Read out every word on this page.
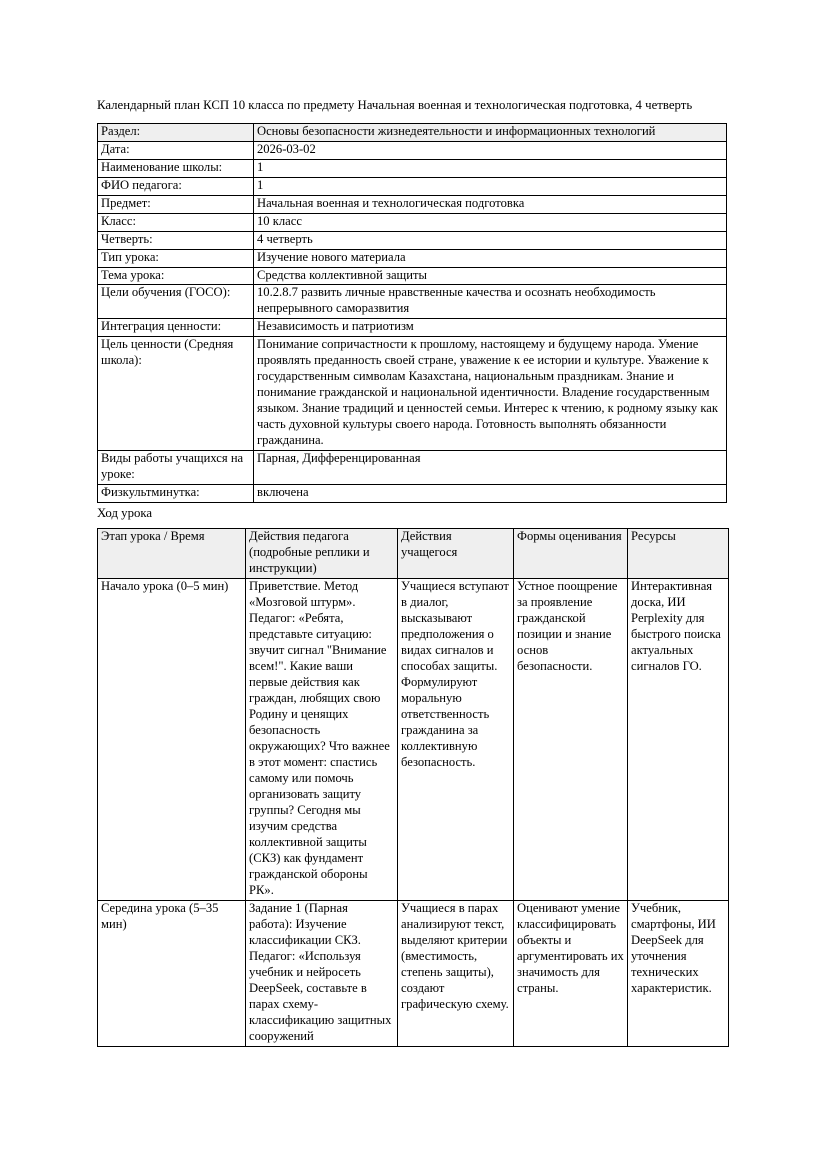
Календарный план КСП 10 класса по предмету Начальная военная и технологическая подготовка, 4 четверть

Раздел:	Основы безопасности жизнедеятельности и информационных технологий
Дата:	2026-03-02
Наименование школы:	1
ФИО педагога:	1
Предмет:	Начальная военная и технологическая подготовка
Класс:	10 класс
Четверть:	4 четверть
Тип урока:	Изучение нового материала
Тема урока:	Средства коллективной защиты
Цели обучения (ГОСО):	10.2.8.7 развить личные нравственные качества и осознать необходимость непрерывного саморазвития
Интеграция ценности:	Независимость и патриотизм
Цель ценности (Средняя школа):	Понимание сопричастности к прошлому, настоящему и будущему народа. Умение проявлять преданность своей стране, уважение к ее истории и культуре. Уважение к государственным символам Казахстана, национальным праздникам. Знание и понимание гражданской и национальной идентичности. Владение государственным языком. Знание традиций и ценностей семьи. Интерес к чтению, к родному языку как часть духовной культуры своего народа. Готовность выполнять обязанности гражданина.
Виды работы учащихся на уроке:	Парная, Дифференцированная
Физкультминутка:	включена

Ход урока

Этап урока / Время	Действия педагога (подробные реплики и инструкции)	Действия учащегося	Формы оценивания	Ресурсы
Начало урока (0–5 мин)	Приветствие. Метод «Мозговой штурм». Педагог: «Ребята, представьте ситуацию: звучит сигнал "Внимание всем!". Какие ваши первые действия как граждан, любящих свою Родину и ценящих безопасность окружающих? Что важнее в этот момент: спастись самому или помочь организовать защиту группы? Сегодня мы изучим средства коллективной защиты (СКЗ) как фундамент гражданской обороны РК».	Учащиеся вступают в диалог, высказывают предположения о видах сигналов и способах защиты. Формулируют моральную ответственность гражданина за коллективную безопасность.	Устное поощрение за проявление гражданской позиции и знание основ безопасности.	Интерактивная доска, ИИ Perplexity для быстрого поиска актуальных сигналов ГО.
Середина урока (5–35 мин)	Задание 1 (Парная работа): Изучение классификации СКЗ. Педагог: «Используя учебник и нейросеть DeepSeek, составьте в парах схему-классификацию защитных сооружений	Учащиеся в парах анализируют текст, выделяют критерии (вместимость, степень защиты), создают графическую схему.	Оценивают умение классифицировать объекты и аргументировать их значимость для страны.	Учебник, смартфоны, ИИ DeepSeek для уточнения технических характеристик.
